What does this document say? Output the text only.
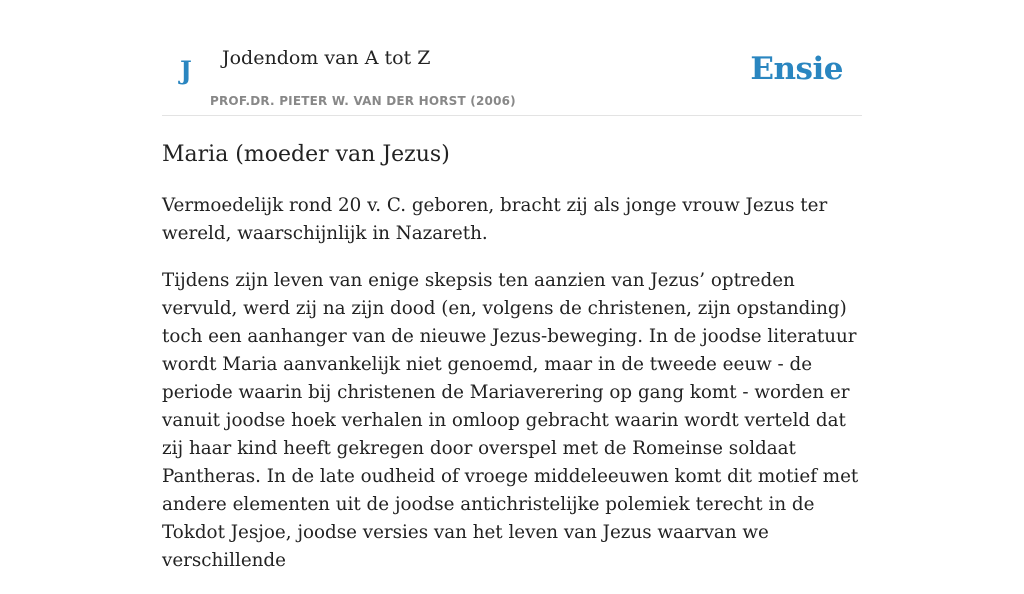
J Jodendom van A tot Z
PROF.DR. PIETER W. VAN DER HORST (2006)
Ensie
Maria (moeder van Jezus)

Vermoedelijk rond 20 v. C. geboren, bracht zij als jonge vrouw Jezus ter wereld, waarschijnlijk in Nazareth.

Tijdens zijn leven van enige skepsis ten aanzien van Jezus’ optreden vervuld, werd zij na zijn dood (en, volgens de christenen, zijn opstanding) toch een aanhanger van de nieuwe Jezus-beweging. In de joodse literatuur wordt Maria aanvankelijk niet genoemd, maar in de tweede eeuw - de periode waarin bij christenen de Mariaverering op gang komt - worden er vanuit joodse hoek verhalen in omloop gebracht waarin wordt verteld dat zij haar kind heeft gekregen door overspel met de Romeinse soldaat Pantheras. In de late oudheid of vroege middeleeuwen komt dit motief met andere elementen uit de joodse antichristelijke polemiek terecht in de Tokdot Jesjoe, joodse versies van het leven van Jezus waarvan we verschillende
